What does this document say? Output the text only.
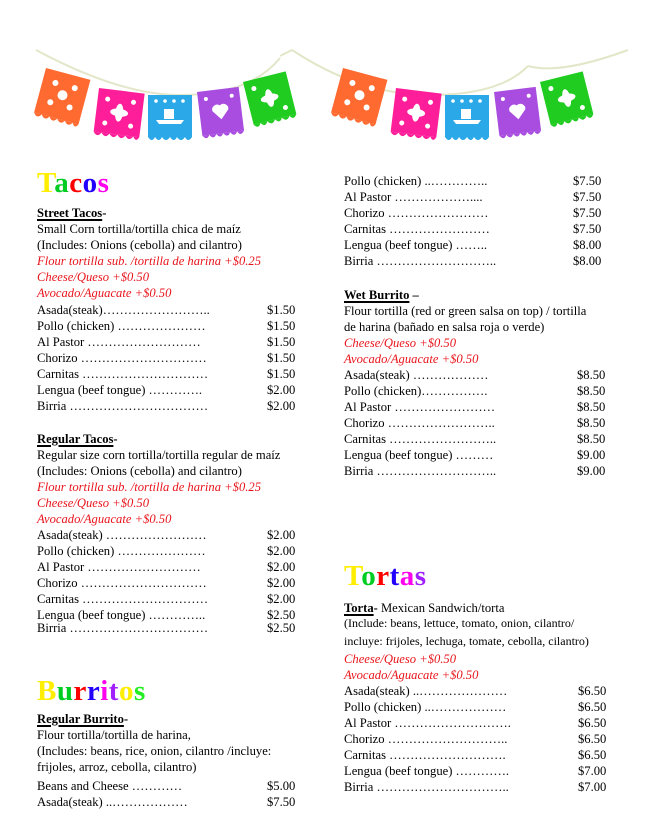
Tacos
Street Tacos-
Small Corn tortilla/tortilla chica de maíz
(Includes: Onions (cebolla) and cilantro)
Flour tortilla sub. /tortilla de harina +$0.25
Cheese/Queso +$0.50
Avocado/Aguacate +$0.50
Asada(steak)……………………..	$1.50
Pollo (chicken) …………………	$1.50
Al Pastor ………………………	$1.50
Chorizo …………………………	$1.50
Carnitas …………………………	$1.50
Lengua (beef tongue) ………….	$2.00
Birria ……………………………	$2.00
Regular Tacos-
Regular size corn tortilla/tortilla regular de maíz
(Includes: Onions (cebolla) and cilantro)
Flour tortilla sub. /tortilla de harina +$0.25
Cheese/Queso +$0.50
Avocado/Aguacate +$0.50
Asada(steak) ……………………	$2.00
Pollo (chicken) …………………	$2.00
Al Pastor ………………………	$2.00
Chorizo …………………………	$2.00
Carnitas …………………………	$2.00
Lengua (beef tongue) …………..	$2.50
Birria ……………………………	$2.50
Burritos
Regular Burrito-
Flour tortilla/tortilla de harina,
(Includes: beans, rice, onion, cilantro /incluye:
frijoles, arroz, cebolla, cilantro)
Beans and Cheese …………	$5.00
Asada(steak) ..………………	$7.50
Pollo (chicken) ..…………..	$7.50
Al Pastor ………………....	$7.50
Chorizo ……………………	$7.50
Carnitas ……………………	$7.50
Lengua (beef tongue) ……..	$8.00
Birria ………………………..	$8.00
Wet Burrito –
Flour tortilla (red or green salsa on top) / tortilla
de harina (bañado en salsa roja o verde)
Cheese/Queso +$0.50
Avocado/Aguacate +$0.50
Asada(steak) ………………	$8.50
Pollo (chicken)…………….	$8.50
Al Pastor ……………………	$8.50
Chorizo ……………………..	$8.50
Carnitas ……………………..	$8.50
Lengua (beef tongue) ………	$9.00
Birria ………………………..	$9.00
Tortas
Torta- Mexican Sandwich/torta
(Include: beans, lettuce, tomato, onion, cilantro/
incluye: frijoles, lechuga, tomate, cebolla, cilantro)
Cheese/Queso +$0.50
Avocado/Aguacate +$0.50
Asada(steak) ..…………………	$6.50
Pollo (chicken) ..………………	$6.50
Al Pastor ……………………….	$6.50
Chorizo ………………………..	$6.50
Carnitas ……………………….	$6.50
Lengua (beef tongue) ………….	$7.00
Birria …………………………..	$7.00
